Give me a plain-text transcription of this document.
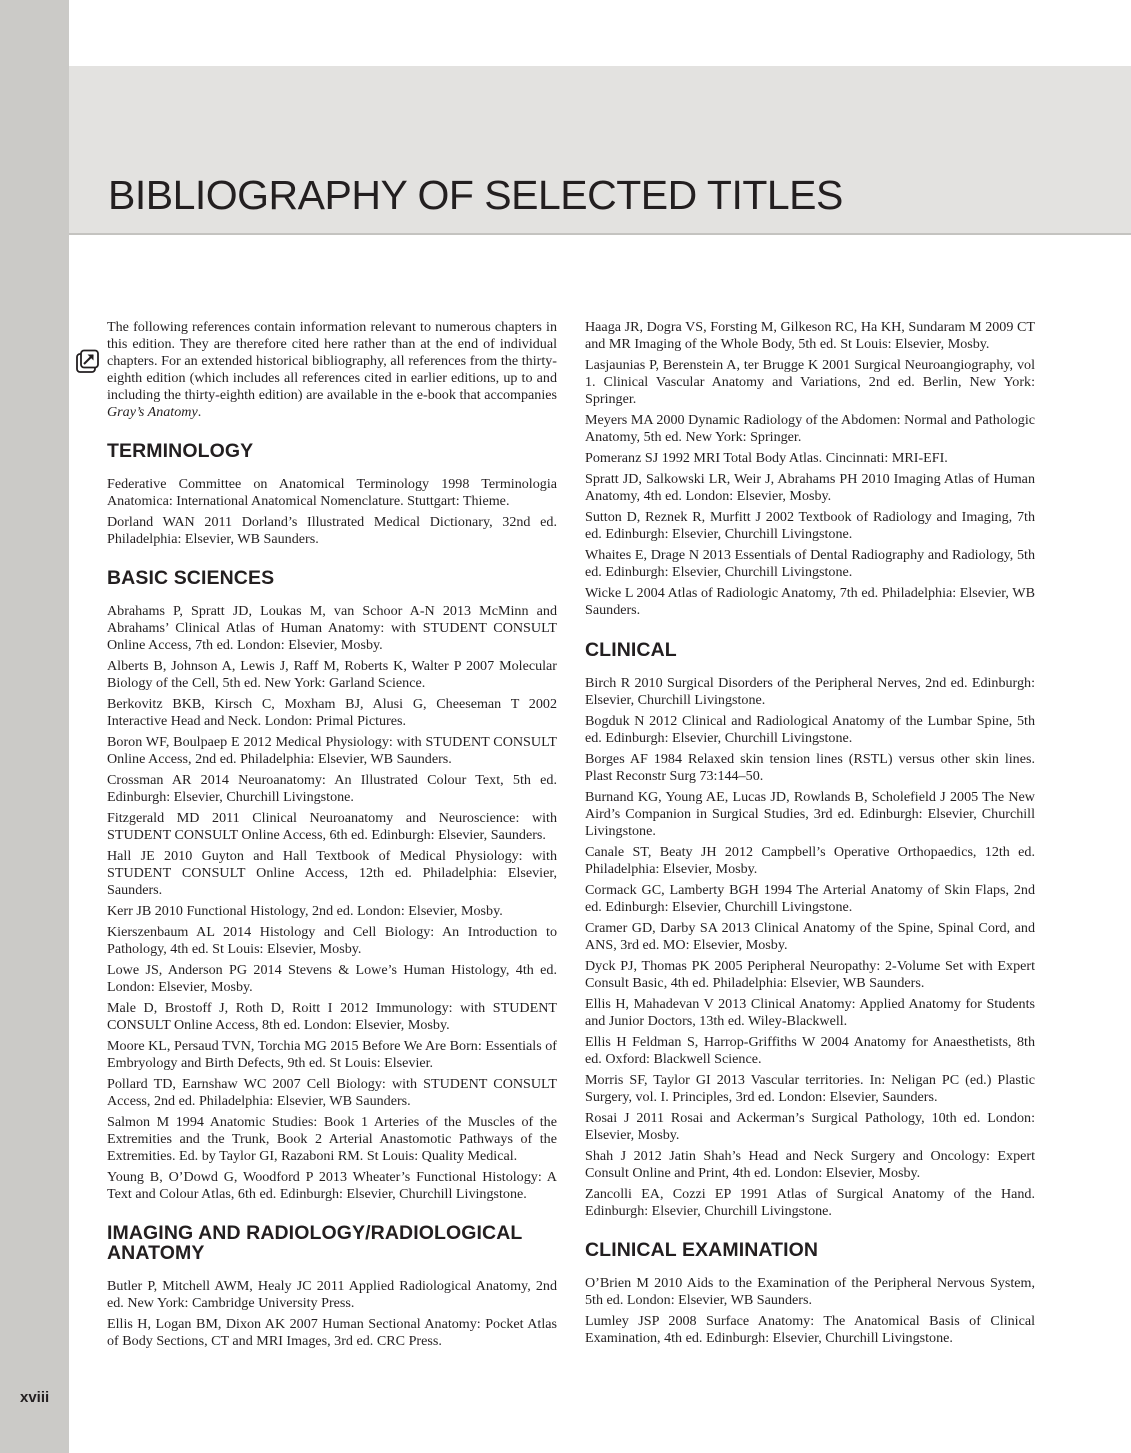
BIBLIOGRAPHY OF SELECTED TITLES
xviii

The following references contain information relevant to numerous chapters in this edition. They are therefore cited here rather than at the end of individual chapters. For an extended historical bibliography, all references from the thirty-eighth edition (which includes all references cited in earlier editions, up to and including the thirty-eighth edition) are available in the e-book that accompanies Gray’s Anatomy.

TERMINOLOGY

Federative Committee on Anatomical Terminology 1998 Terminologia Anatomica: International Anatomical Nomenclature. Stuttgart: Thieme.

Dorland WAN 2011 Dorland’s Illustrated Medical Dictionary, 32nd ed. Philadelphia: Elsevier, WB Saunders.

BASIC SCIENCES

Abrahams P, Spratt JD, Loukas M, van Schoor A-N 2013 McMinn and Abrahams’ Clinical Atlas of Human Anatomy: with STUDENT CONSULT Online Access, 7th ed. London: Elsevier, Mosby.

Alberts B, Johnson A, Lewis J, Raff M, Roberts K, Walter P 2007 Molecular Biology of the Cell, 5th ed. New York: Garland Science.

Berkovitz BKB, Kirsch C, Moxham BJ, Alusi G, Cheeseman T 2002 Interactive Head and Neck. London: Primal Pictures.

Boron WF, Boulpaep E 2012 Medical Physiology: with STUDENT CONSULT Online Access, 2nd ed. Philadelphia: Elsevier, WB Saunders.

Crossman AR 2014 Neuroanatomy: An Illustrated Colour Text, 5th ed. Edinburgh: Elsevier, Churchill Livingstone.

Fitzgerald MD 2011 Clinical Neuroanatomy and Neuroscience: with STUDENT CONSULT Online Access, 6th ed. Edinburgh: Elsevier, Saunders.

Hall JE 2010 Guyton and Hall Textbook of Medical Physiology: with STUDENT CONSULT Online Access, 12th ed. Philadelphia: Elsevier, Saunders.

Kerr JB 2010 Functional Histology, 2nd ed. London: Elsevier, Mosby.

Kierszenbaum AL 2014 Histology and Cell Biology: An Introduction to Pathology, 4th ed. St Louis: Elsevier, Mosby.

Lowe JS, Anderson PG 2014 Stevens & Lowe’s Human Histology, 4th ed. London: Elsevier, Mosby.

Male D, Brostoff J, Roth D, Roitt I 2012 Immunology: with STUDENT CONSULT Online Access, 8th ed. London: Elsevier, Mosby.

Moore KL, Persaud TVN, Torchia MG 2015 Before We Are Born: Essentials of Embryology and Birth Defects, 9th ed. St Louis: Elsevier.

Pollard TD, Earnshaw WC 2007 Cell Biology: with STUDENT CONSULT Access, 2nd ed. Philadelphia: Elsevier, WB Saunders.

Salmon M 1994 Anatomic Studies: Book 1 Arteries of the Muscles of the Extremities and the Trunk, Book 2 Arterial Anastomotic Pathways of the Extremities. Ed. by Taylor GI, Razaboni RM. St Louis: Quality Medical.

Young B, O’Dowd G, Woodford P 2013 Wheater’s Functional Histology: A Text and Colour Atlas, 6th ed. Edinburgh: Elsevier, Churchill Livingstone.

IMAGING AND RADIOLOGY/RADIOLOGICAL ANATOMY

Butler P, Mitchell AWM, Healy JC 2011 Applied Radiological Anatomy, 2nd ed. New York: Cambridge University Press.

Ellis H, Logan BM, Dixon AK 2007 Human Sectional Anatomy: Pocket Atlas of Body Sections, CT and MRI Images, 3rd ed. CRC Press.

Haaga JR, Dogra VS, Forsting M, Gilkeson RC, Ha KH, Sundaram M 2009 CT and MR Imaging of the Whole Body, 5th ed. St Louis: Elsevier, Mosby.

Lasjaunias P, Berenstein A, ter Brugge K 2001 Surgical Neuroangiography, vol 1. Clinical Vascular Anatomy and Variations, 2nd ed. Berlin, New York: Springer.

Meyers MA 2000 Dynamic Radiology of the Abdomen: Normal and Pathologic Anatomy, 5th ed. New York: Springer.

Pomeranz SJ 1992 MRI Total Body Atlas. Cincinnati: MRI-EFI.

Spratt JD, Salkowski LR, Weir J, Abrahams PH 2010 Imaging Atlas of Human Anatomy, 4th ed. London: Elsevier, Mosby.

Sutton D, Reznek R, Murfitt J 2002 Textbook of Radiology and Imaging, 7th ed. Edinburgh: Elsevier, Churchill Livingstone.

Whaites E, Drage N 2013 Essentials of Dental Radiography and Radiology, 5th ed. Edinburgh: Elsevier, Churchill Livingstone.

Wicke L 2004 Atlas of Radiologic Anatomy, 7th ed. Philadelphia: Elsevier, WB Saunders.

CLINICAL

Birch R 2010 Surgical Disorders of the Peripheral Nerves, 2nd ed. Edinburgh: Elsevier, Churchill Livingstone.

Bogduk N 2012 Clinical and Radiological Anatomy of the Lumbar Spine, 5th ed. Edinburgh: Elsevier, Churchill Livingstone.

Borges AF 1984 Relaxed skin tension lines (RSTL) versus other skin lines. Plast Reconstr Surg 73:144–50.

Burnand KG, Young AE, Lucas JD, Rowlands B, Scholefield J 2005 The New Aird’s Companion in Surgical Studies, 3rd ed. Edinburgh: Elsevier, Churchill Livingstone.

Canale ST, Beaty JH 2012 Campbell’s Operative Orthopaedics, 12th ed. Philadelphia: Elsevier, Mosby.

Cormack GC, Lamberty BGH 1994 The Arterial Anatomy of Skin Flaps, 2nd ed. Edinburgh: Elsevier, Churchill Livingstone.

Cramer GD, Darby SA 2013 Clinical Anatomy of the Spine, Spinal Cord, and ANS, 3rd ed. MO: Elsevier, Mosby.

Dyck PJ, Thomas PK 2005 Peripheral Neuropathy: 2-Volume Set with Expert Consult Basic, 4th ed. Philadelphia: Elsevier, WB Saunders.

Ellis H, Mahadevan V 2013 Clinical Anatomy: Applied Anatomy for Students and Junior Doctors, 13th ed. Wiley-Blackwell.

Ellis H Feldman S, Harrop-Griffiths W 2004 Anatomy for Anaesthetists, 8th ed. Oxford: Blackwell Science.

Morris SF, Taylor GI 2013 Vascular territories. In: Neligan PC (ed.) Plastic Surgery, vol. I. Principles, 3rd ed. London: Elsevier, Saunders.

Rosai J 2011 Rosai and Ackerman’s Surgical Pathology, 10th ed. London: Elsevier, Mosby.

Shah J 2012 Jatin Shah’s Head and Neck Surgery and Oncology: Expert Consult Online and Print, 4th ed. London: Elsevier, Mosby.

Zancolli EA, Cozzi EP 1991 Atlas of Surgical Anatomy of the Hand. Edinburgh: Elsevier, Churchill Livingstone.

CLINICAL EXAMINATION

O’Brien M 2010 Aids to the Examination of the Peripheral Nervous System, 5th ed. London: Elsevier, WB Saunders.

Lumley JSP 2008 Surface Anatomy: The Anatomical Basis of Clinical Examination, 4th ed. Edinburgh: Elsevier, Churchill Livingstone.
